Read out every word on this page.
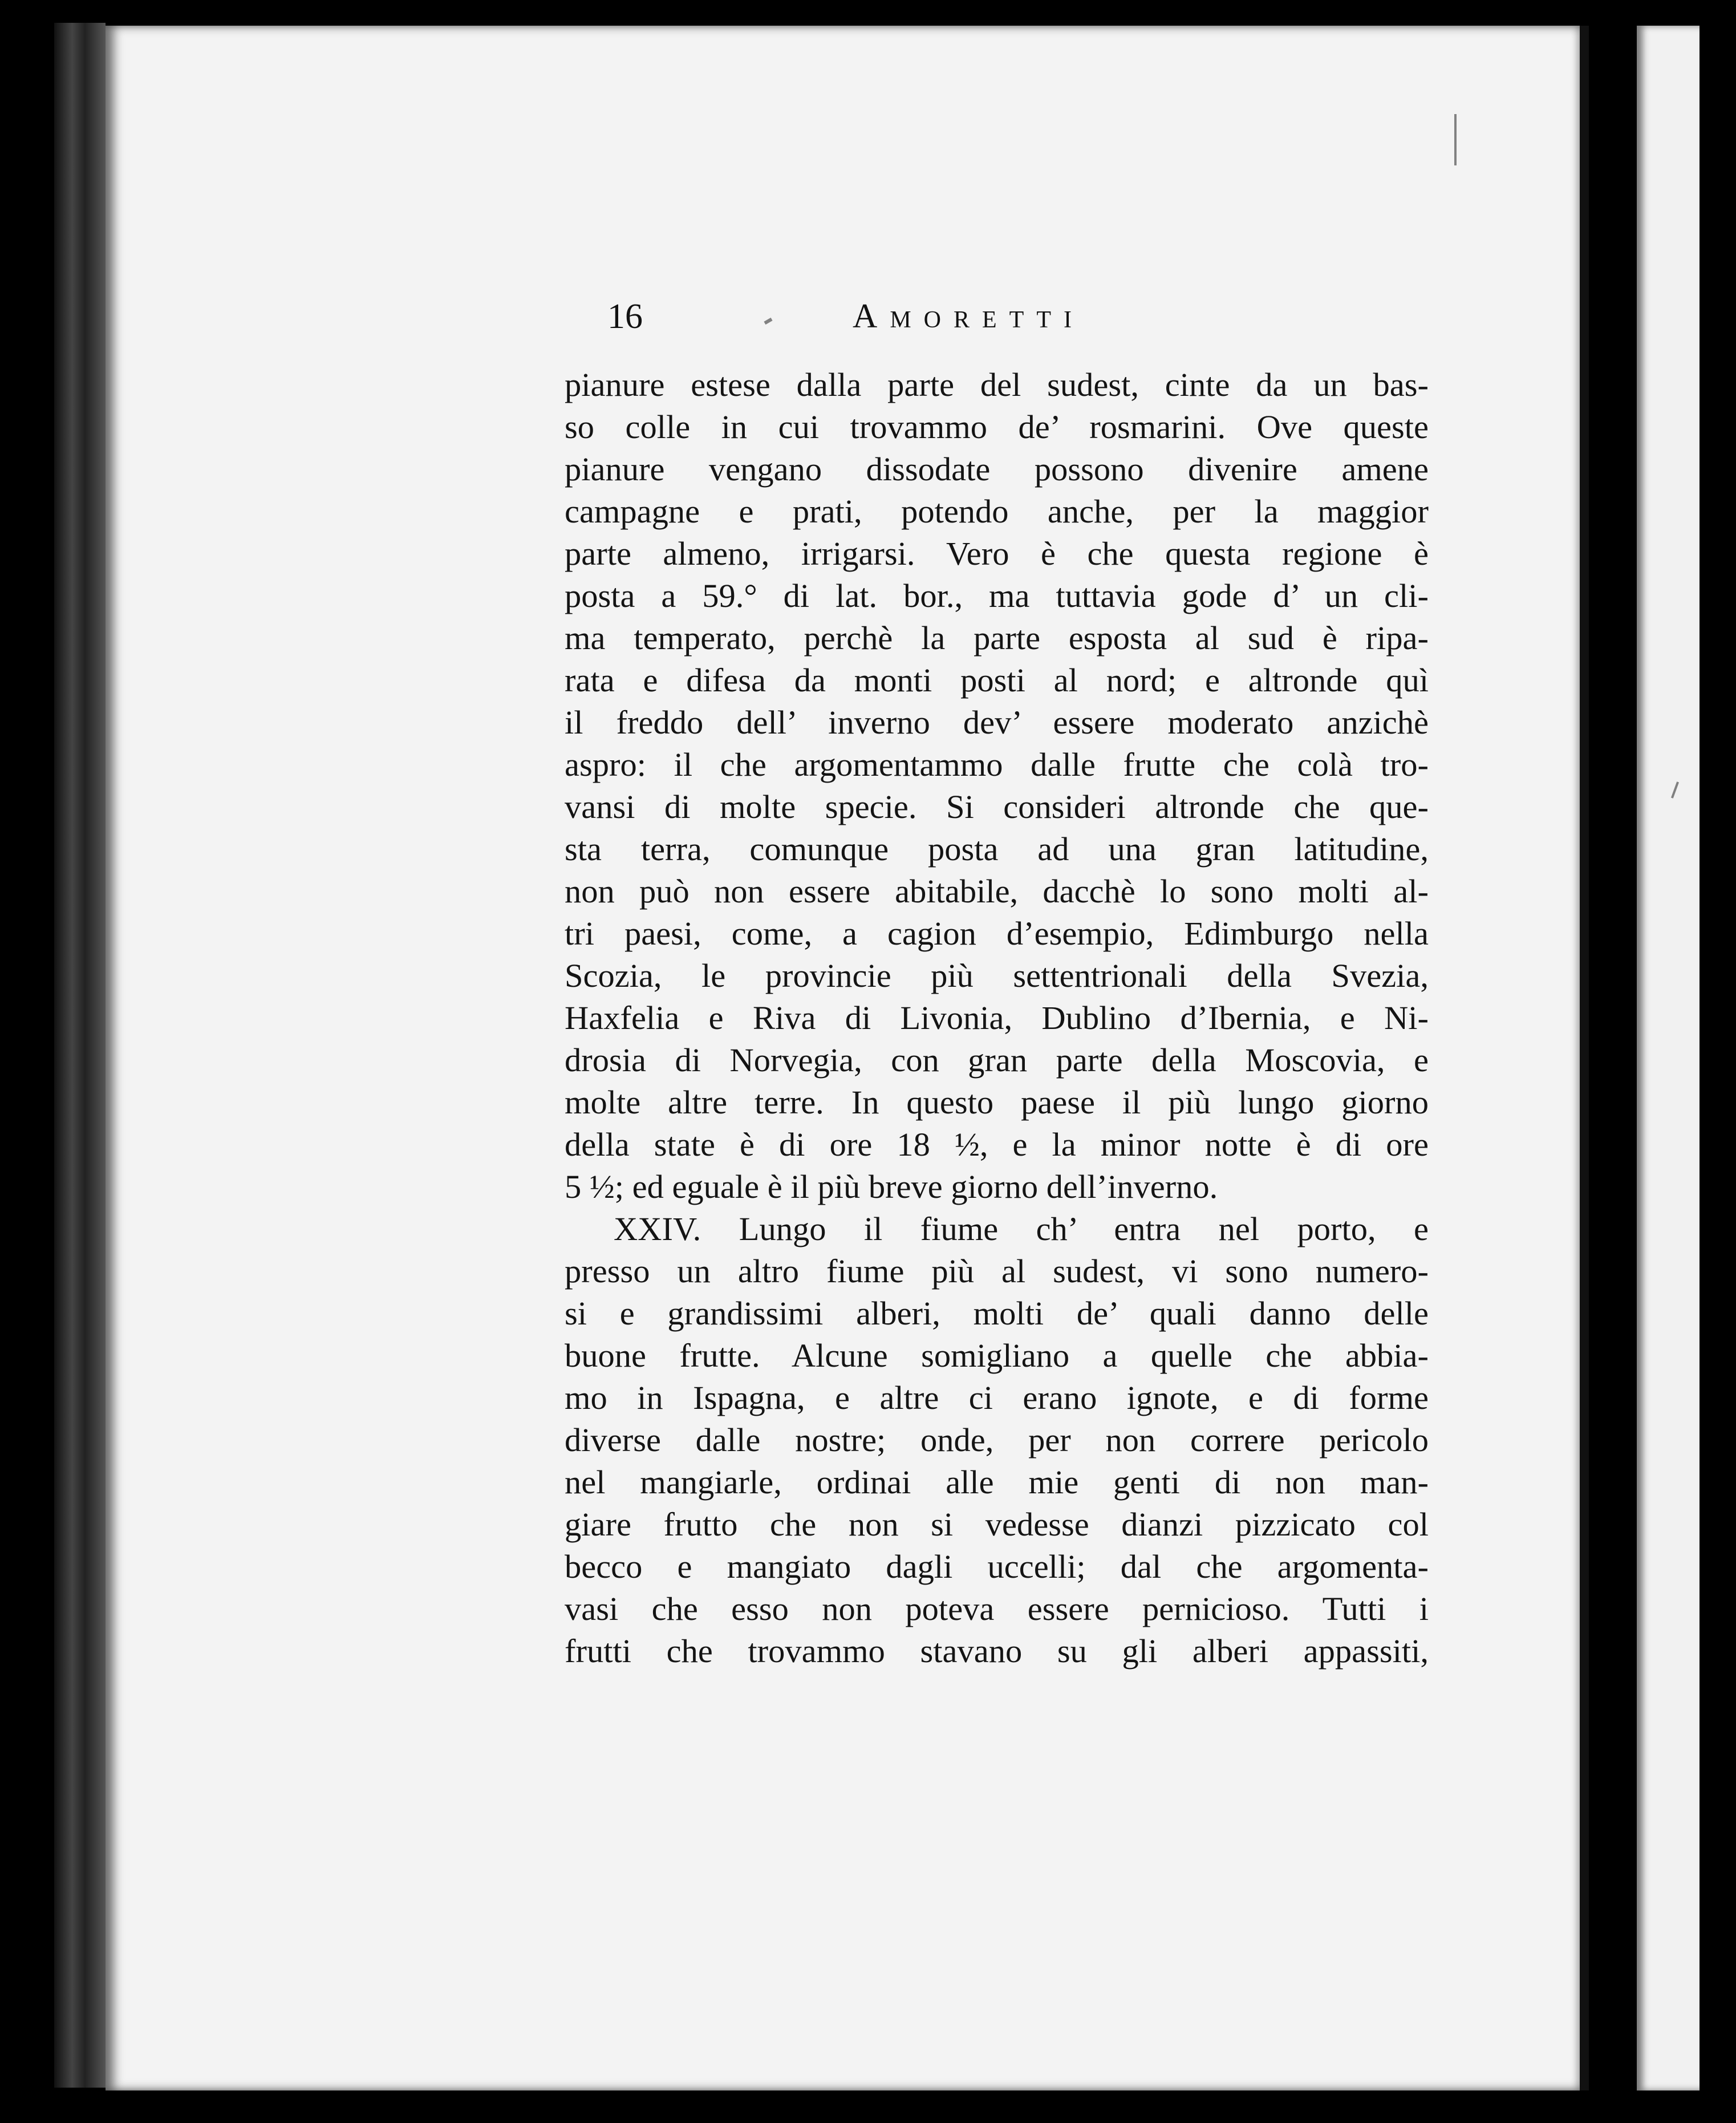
16	Amoretti
pianure estese dalla parte del sudest, cinte da un bas-
so colle in cui trovammo de’ rosmarini. Ove queste
pianure vengano dissodate possono divenire amene
campagne e prati, potendo anche, per la maggior
parte almeno, irrigarsi. Vero è che questa regione è
posta a 59.° di lat. bor., ma tuttavia gode d’ un cli-
ma temperato, perchè la parte esposta al sud è ripa-
rata e difesa da monti posti al nord; e altronde quì
il freddo dell’ inverno dev’ essere moderato anzichè
aspro: il che argomentammo dalle frutte che colà tro-
vansi di molte specie. Si consideri altronde che que-
sta terra, comunque posta ad una gran latitudine,
non può non essere abitabile, dacchè lo sono molti al-
tri paesi, come, a cagion d’esempio, Edimburgo nella
Scozia, le provincie più settentrionali della Svezia,
Haxfelia e Riva di Livonia, Dublino d’Ibernia, e Ni-
drosia di Norvegia, con gran parte della Moscovia, e
molte altre terre. In questo paese il più lungo giorno
della state è di ore 18 ½, e la minor notte è di ore
5 ½; ed eguale è il più breve giorno dell’inverno.
XXIV. Lungo il fiume ch’ entra nel porto, e
presso un altro fiume più al sudest, vi sono numero-
si e grandissimi alberi, molti de’ quali danno delle
buone frutte. Alcune somigliano a quelle che abbia-
mo in Ispagna, e altre ci erano ignote, e di forme
diverse dalle nostre; onde, per non correre pericolo
nel mangiarle, ordinai alle mie genti di non man-
giare frutto che non si vedesse dianzi pizzicato col
becco e mangiato dagli uccelli; dal che argomenta-
vasi che esso non poteva essere pernicioso. Tutti i
frutti che trovammo stavano su gli alberi appassiti,
